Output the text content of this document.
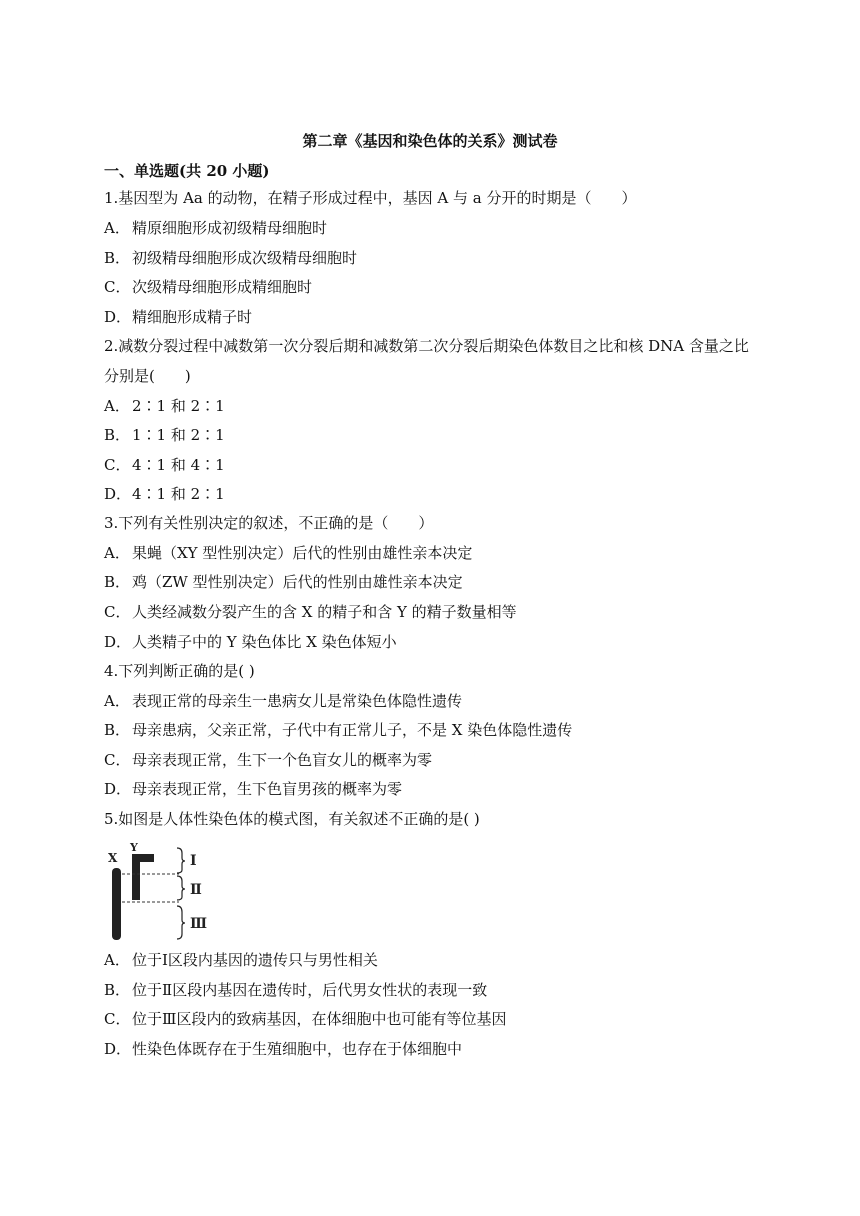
第二章《基因和染色体的关系》测试卷
一、单选题(共 20 小题)
1.基因型为 Aa 的动物，在精子形成过程中，基因 A 与 a 分开的时期是（　　）
A． 精原细胞形成初级精母细胞时
B． 初级精母细胞形成次级精母细胞时
C． 次级精母细胞形成精细胞时
D．精细胞形成精子时
2.减数分裂过程中减数第一次分裂后期和减数第二次分裂后期染色体数目之比和核 DNA 含量之比
分别是(　　)
A． 2∶1 和 2∶1
B． 1∶1 和 2∶1
C． 4∶1 和 4∶1
D．4∶1 和 2∶1
3.下列有关性别决定的叙述，不正确的是（　　）
A． 果蝇（XY 型性别决定）后代的性别由雄性亲本决定
B． 鸡（ZW 型性别决定）后代的性别由雄性亲本决定
C． 人类经减数分裂产生的含 X 的精子和含 Y 的精子数量相等
D．人类精子中的 Y 染色体比 X 染色体短小
4.下列判断正确的是( )
A． 表现正常的母亲生一患病女儿是常染色体隐性遗传
B． 母亲患病，父亲正常，子代中有正常儿子，不是 X 染色体隐性遗传
C． 母亲表现正常，生下一个色盲女儿的概率为零
D．母亲表现正常，生下色盲男孩的概率为零
5.如图是人体性染色体的模式图，有关叙述不正确的是( )
X
Y
Ⅰ
Ⅱ
Ⅲ
A． 位于Ⅰ区段内基因的遗传只与男性相关
B． 位于Ⅱ区段内基因在遗传时，后代男女性状的表现一致
C． 位于Ⅲ区段内的致病基因，在体细胞中也可能有等位基因
D．性染色体既存在于生殖细胞中，也存在于体细胞中
